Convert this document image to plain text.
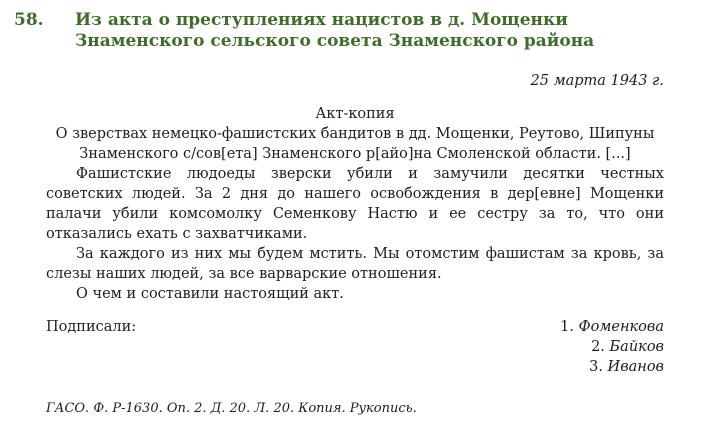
58.	Из акта о преступлениях нацистов в д. Мощенки
Знаменского сельского совета Знаменского района
25 марта 1943 г.

Акт-копия

О зверствах немецко-фашистских бандитов в дд. Мощенки, Реутово, Шипуны
Знаменского с/сов[ета] Знаменского р[айо]на Смоленской области. [...]

Фашистские людоеды зверски убили и замучили десятки честных советских людей. За 2 дня до нашего освобождения в дер[евне] Мощенки палачи убили комсомолку Семенкову Настю и ее сестру за то, что они отказались ехать с захватчиками.

За каждого из них мы будем мстить. Мы отомстим фашистам за кровь, за слезы наших людей, за все варварские отношения.

О чем и составили настоящий акт.

Подписали:	1. Фоменкова
2. Байков
3. Иванов
ГАСО. Ф. Р-1630. Оп. 2. Д. 20. Л. 20. Копия. Рукопись.
